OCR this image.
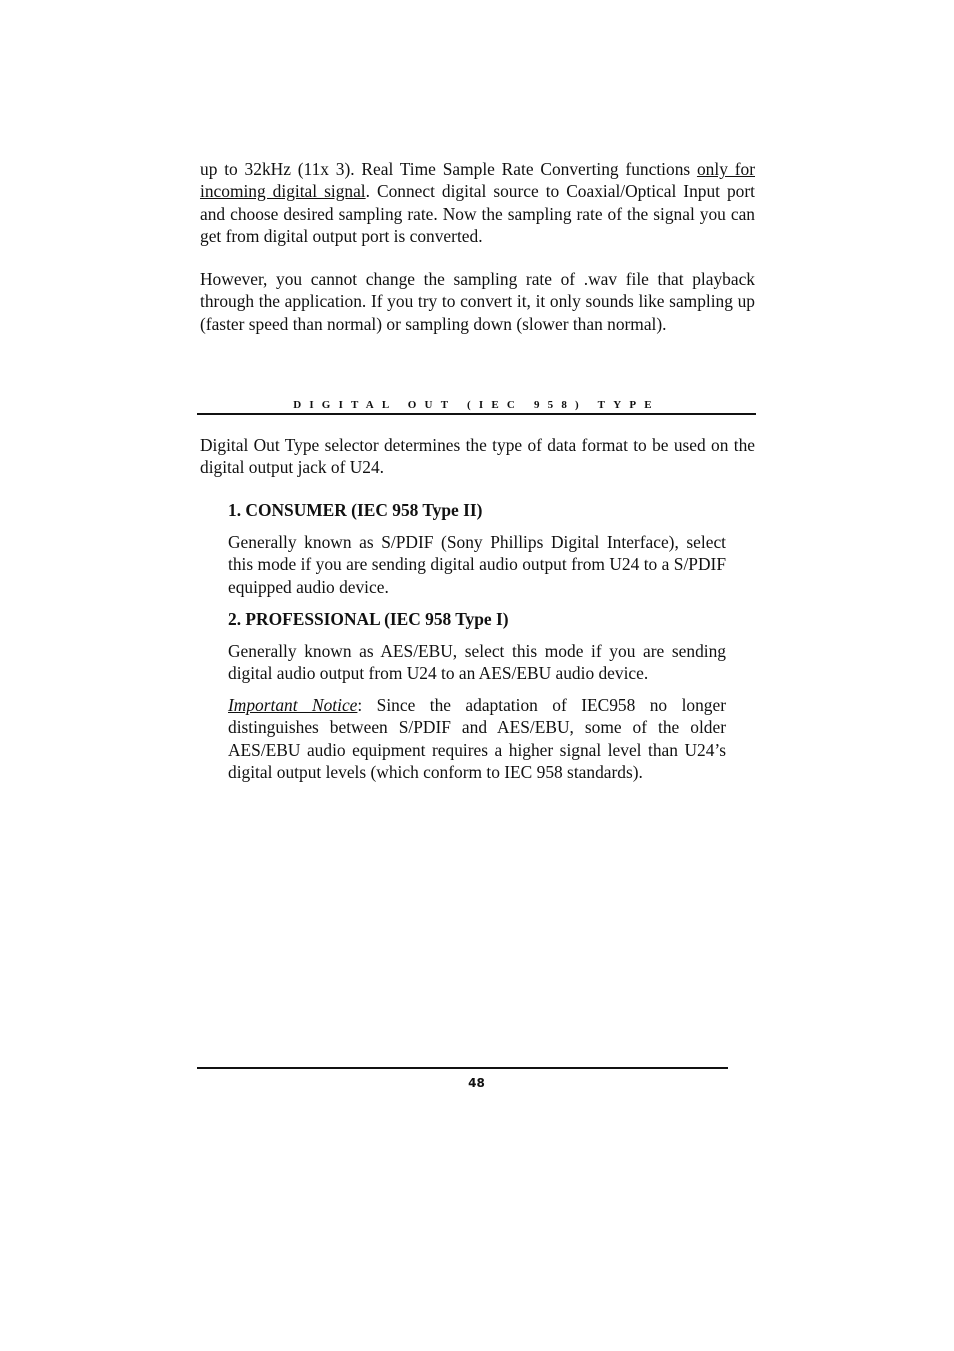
up to 32kHz (11x 3). Real Time Sample Rate Converting functions only for incoming digital signal. Connect digital source to Coaxial/Optical Input port and choose desired sampling rate. Now the sampling rate of the signal you can get from digital output port is converted.

However, you cannot change the sampling rate of .wav file that playback through the application. If you try to convert it, it only sounds like sampling up (faster speed than normal) or sampling down (slower than normal).

DIGITAL OUT (IEC 958) TYPE

Digital Out Type selector determines the type of data format to be used on the digital output jack of U24.

1. CONSUMER (IEC 958 Type II)

Generally known as S/PDIF (Sony Phillips Digital Interface), select this mode if you are sending digital audio output from U24 to a S/PDIF equipped audio device.

2. PROFESSIONAL (IEC 958 Type I)

Generally known as AES/EBU, select this mode if you are sending digital audio output from U24 to an AES/EBU audio device.

Important Notice: Since the adaptation of IEC958 no longer distinguishes between S/PDIF and AES/EBU, some of the older AES/EBU audio equipment requires a higher signal level than U24’s digital output levels (which conform to IEC 958 standards).

48
